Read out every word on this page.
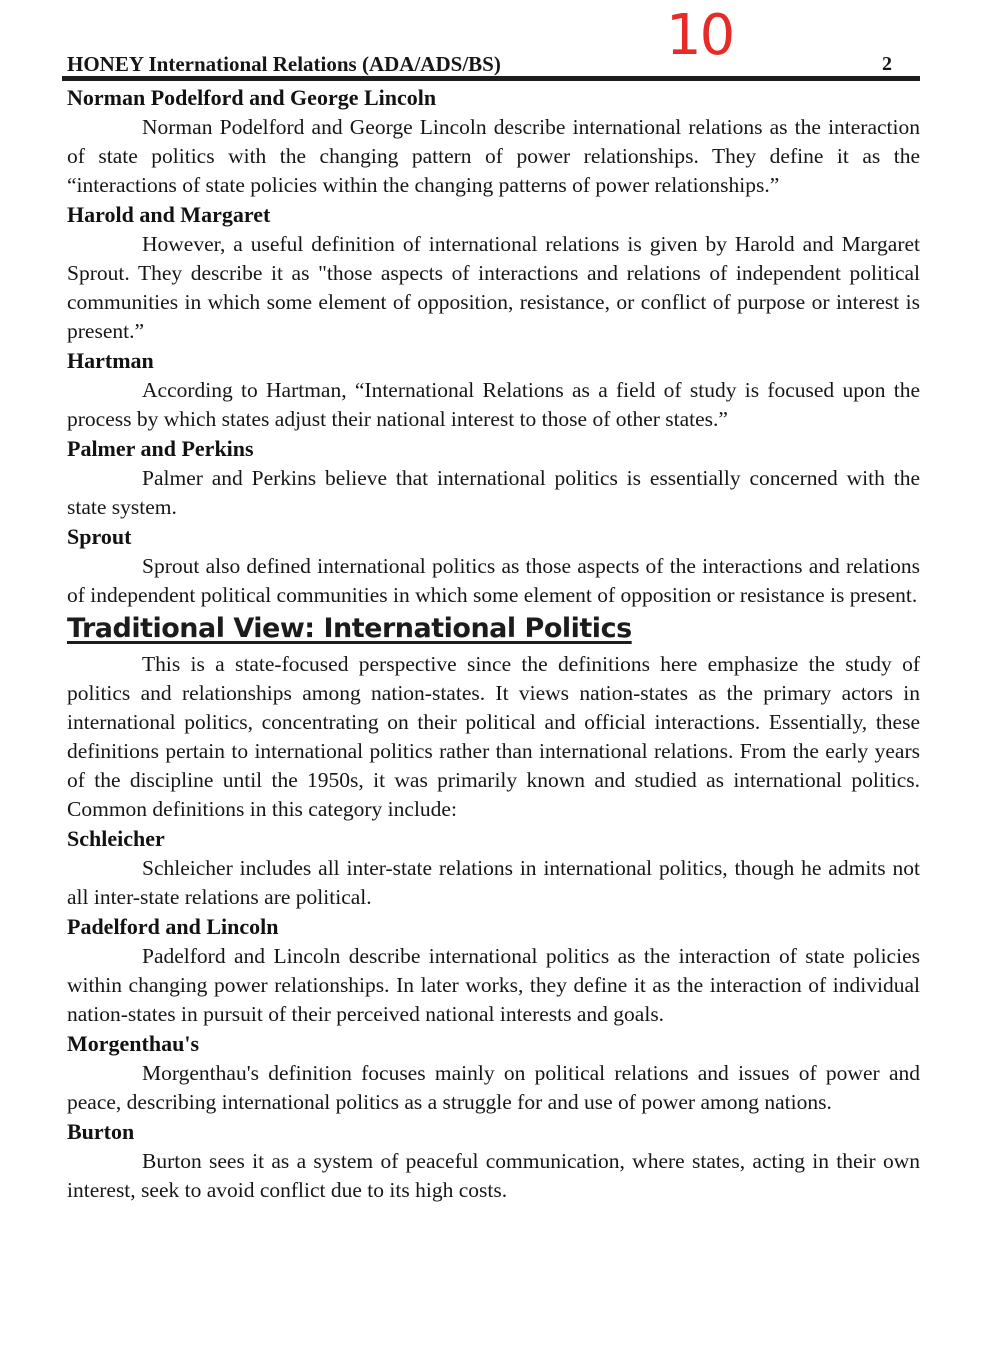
10
HONEY International Relations (ADA/ADS/BS)	2
Norman Podelford and George Lincoln

Norman Podelford and George Lincoln describe international relations as the interaction of state politics with the changing pattern of power relationships. They define it as the “interactions of state policies within the changing patterns of power relationships.”

Harold and Margaret

However, a useful definition of international relations is given by Harold and Margaret Sprout. They describe it as "those aspects of interactions and relations of independent political communities in which some element of opposition, resistance, or conflict of purpose or interest is present.”

Hartman

According to Hartman, “International Relations as a field of study is focused upon the process by which states adjust their national interest to those of other states.”

Palmer and Perkins

Palmer and Perkins believe that international politics is essentially concerned with the state system.

Sprout

Sprout also defined international politics as those aspects of the interactions and relations of independent political communities in which some element of opposition or resistance is present.

Traditional View: International Politics

This is a state-focused perspective since the definitions here emphasize the study of politics and relationships among nation-states. It views nation-states as the primary actors in international politics, concentrating on their political and official interactions. Essentially, these definitions pertain to international politics rather than international relations. From the early years of the discipline until the 1950s, it was primarily known and studied as international politics. Common definitions in this category include:

Schleicher

Schleicher includes all inter-state relations in international politics, though he admits not all inter-state relations are political.

Padelford and Lincoln

Padelford and Lincoln describe international politics as the interaction of state policies within changing power relationships. In later works, they define it as the interaction of individual nation-states in pursuit of their perceived national interests and goals.

Morgenthau's

Morgenthau's definition focuses mainly on political relations and issues of power and peace, describing international politics as a struggle for and use of power among nations.

Burton

Burton sees it as a system of peaceful communication, where states, acting in their own interest, seek to avoid conflict due to its high costs.
